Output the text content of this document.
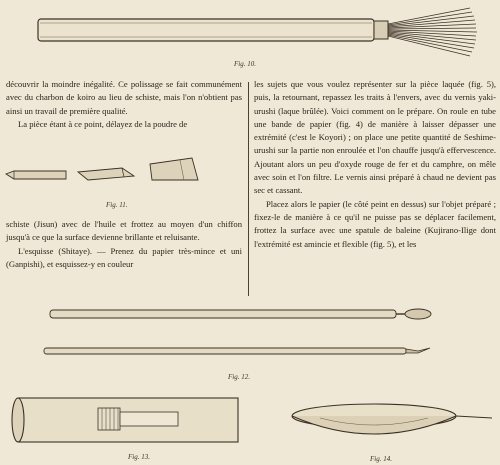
Fig. 10.

découvrir la moindre inégalité. Ce polissage se fait communément avec du charbon de koiro au lieu de schiste, mais l'on n'obtient pas ainsi un travail de première qualité.

La pièce étant à ce point, délayez de la poudre de

Fig. 11.

schiste (Jisun) avec de l'huile et frottez au moyen d'un chiffon jusqu'à ce que la surface devienne brillante et reluisante.

L'esquisse (Shitaye). — Prenez du papier très-mince et uni (Ganpishi), et esquissez-y en couleur

les sujets que vous voulez représenter sur la pièce laquée (fig. 5), puis, la retournant, repassez les traits à l'envers, avec du vernis yaki-urushi (laque brûlée). Voici comment on le prépare. On roule en tube une bande de papier (fig. 4) de manière à laisser dépasser une extrémité (c'est le Koyori) ; on place une petite quantité de Seshime-urushi sur la partie non enroulée et l'on chauffe jusqu'à effervescence. Ajoutant alors un peu d'oxyde rouge de fer et du camphre, on mêle avec soin et l'on filtre. Le vernis ainsi préparé à chaud ne devient pas sec et cassant.

Placez alors le papier (le côté peint en dessus) sur l'objet préparé ; fixez-le de manière à ce qu'il ne puisse pas se déplacer facilement, frottez la surface avec une spatule de baleine (Kujirano-Ilige dont l'extrémité est amincie et flexible (fig. 5), et les

Fig. 12.
Fig. 13.	Fig. 14.
